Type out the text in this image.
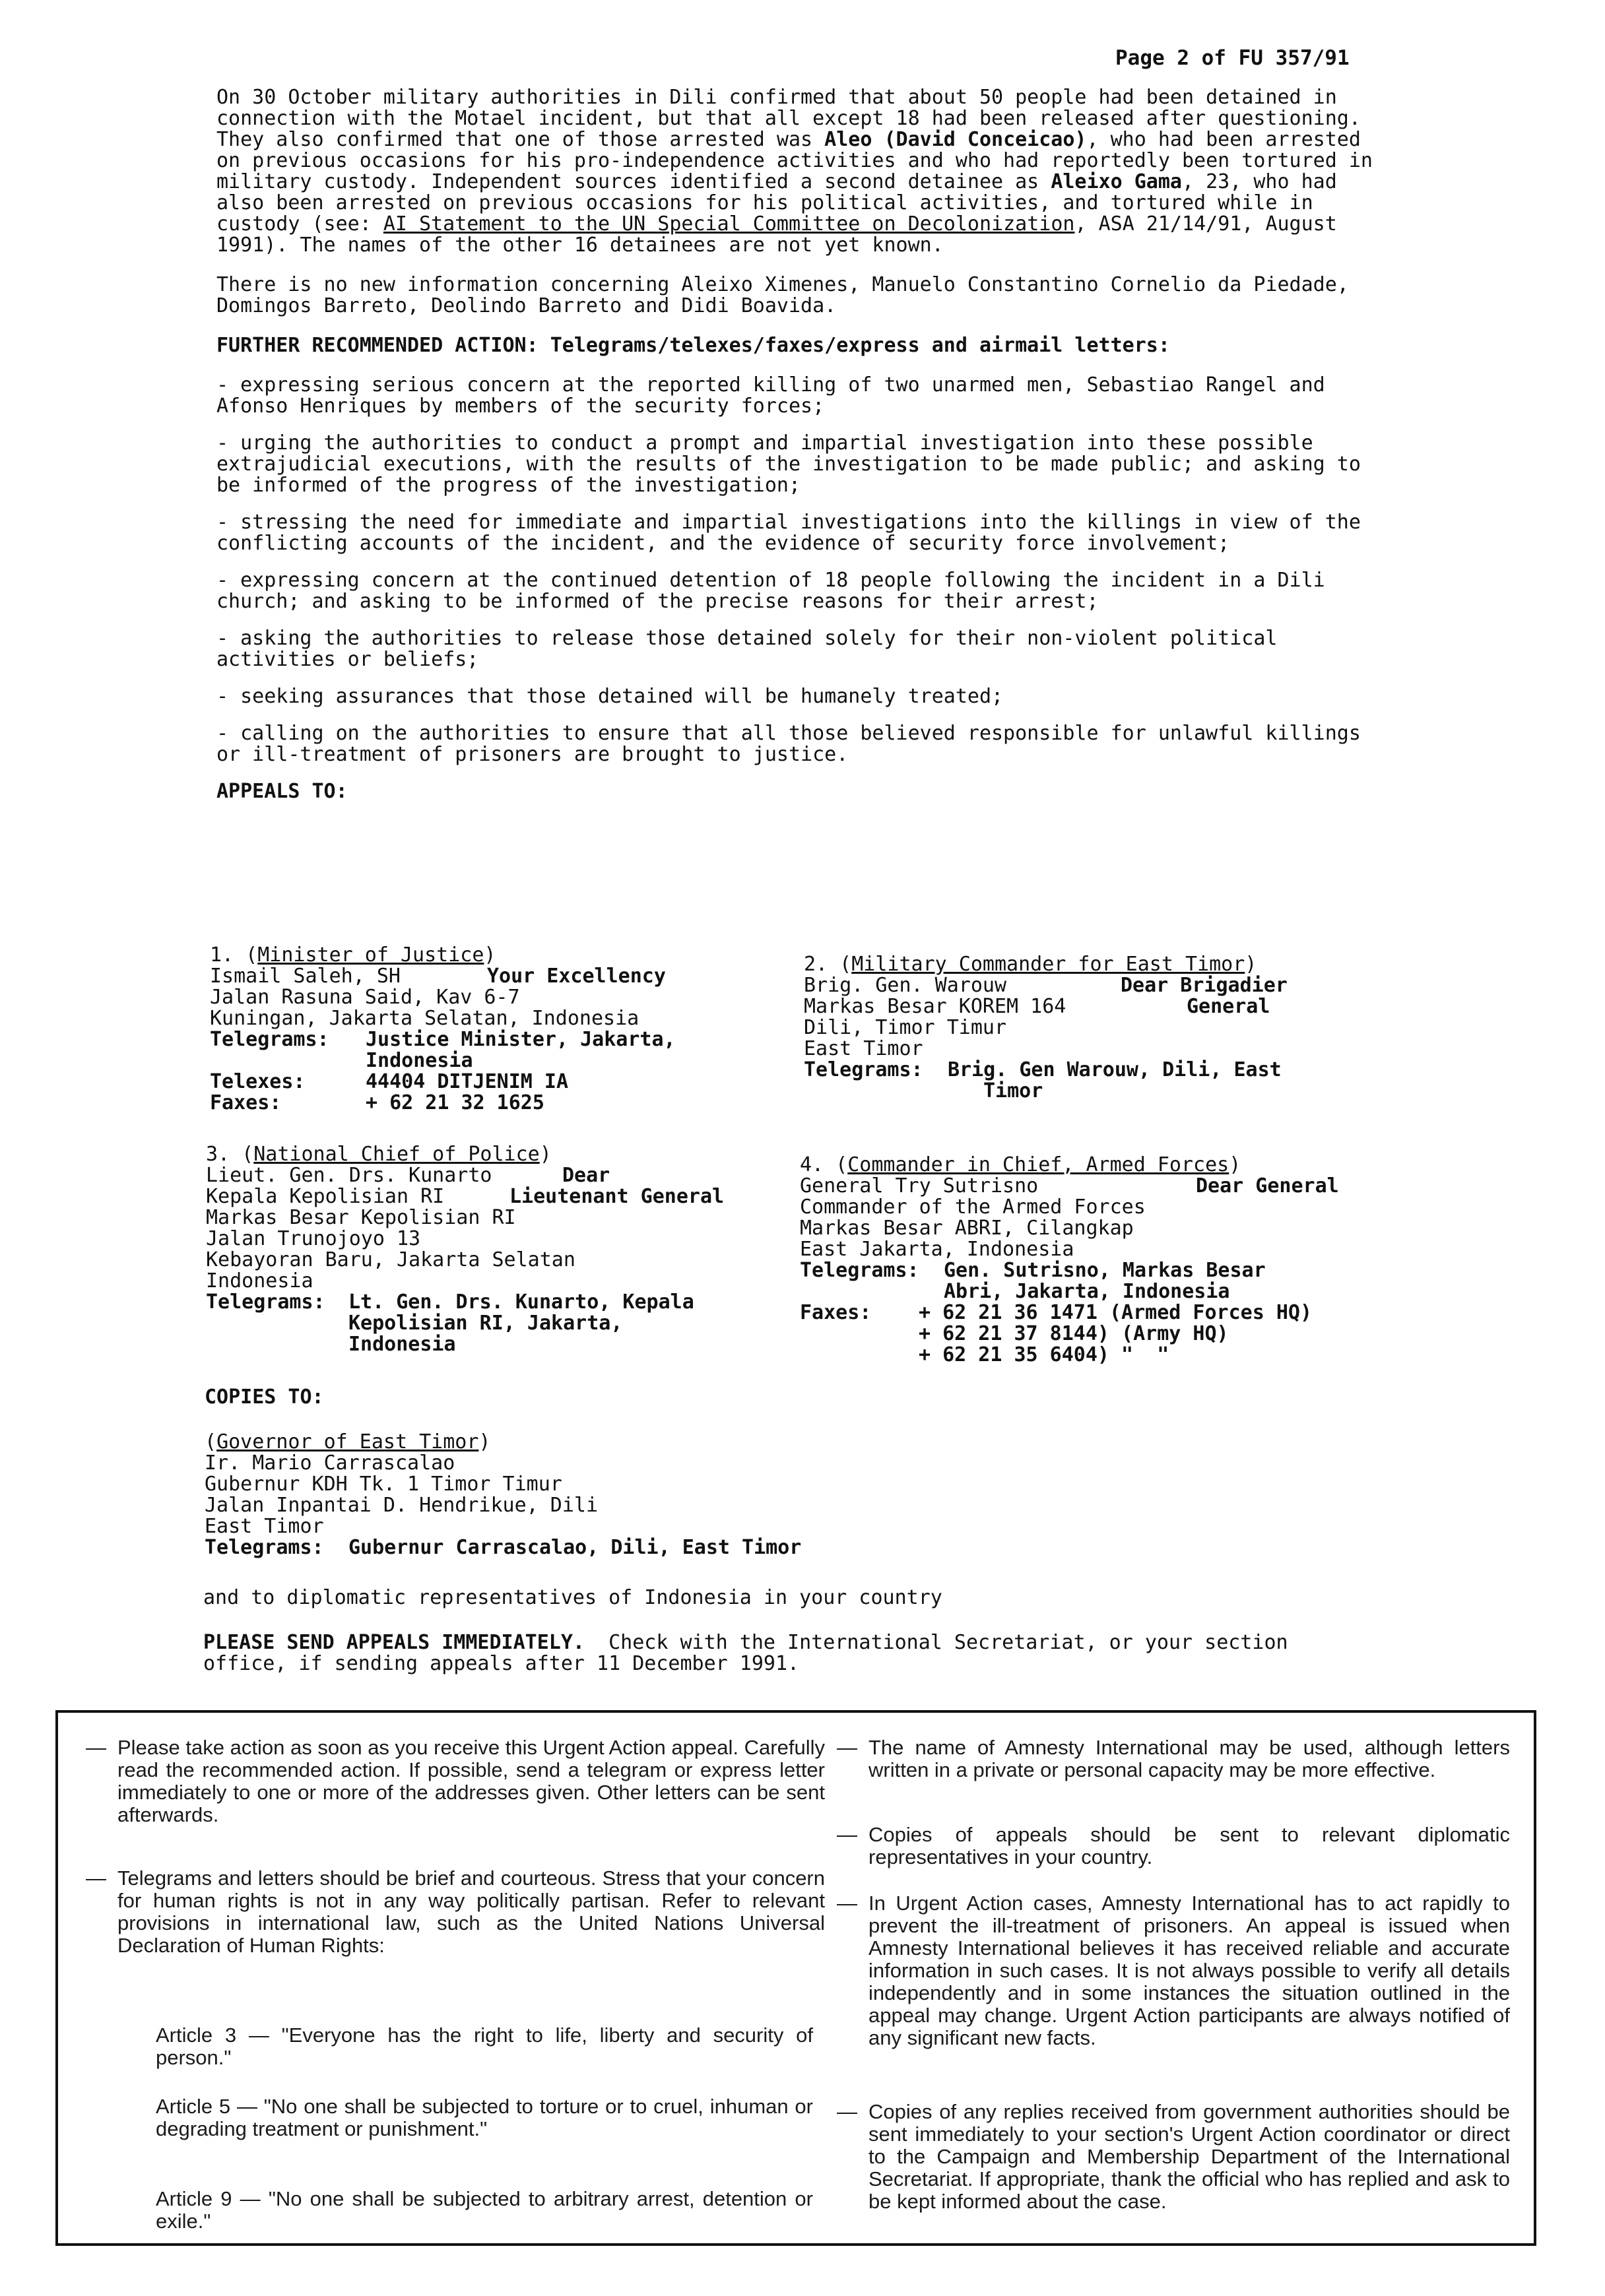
Page 2 of FU 357/91

On 30 October military authorities in Dili confirmed that about 50 people had been detained in connection with the Motael incident, but that all except 18 had been released after questioning. They also confirmed that one of those arrested was Aleo (David Conceicao), who had been arrested on previous occasions for his pro-independence activities and who had reportedly been tortured in military custody. Independent sources identified a second detainee as Aleixo Gama, 23, who had also been arrested on previous occasions for his political activities, and tortured while in custody (see: AI Statement to the UN Special Committee on Decolonization, ASA 21/14/91, August 1991). The names of the other 16 detainees are not yet known.

There is no new information concerning Aleixo Ximenes, Manuelo Constantino Cornelio da Piedade, Domingos Barreto, Deolindo Barreto and Didi Boavida.

FURTHER RECOMMENDED ACTION: Telegrams/telexes/faxes/express and airmail letters:

- expressing serious concern at the reported killing of two unarmed men, Sebastiao Rangel and Afonso Henriques by members of the security forces;

- urging the authorities to conduct a prompt and impartial investigation into these possible extrajudicial executions, with the results of the investigation to be made public; and asking to be informed of the progress of the investigation;

- stressing the need for immediate and impartial investigations into the killings in view of the conflicting accounts of the incident, and the evidence of security force involvement;

- expressing concern at the continued detention of 18 people following the incident in a Dili church; and asking to be informed of the precise reasons for their arrest;

- asking the authorities to release those detained solely for their non-violent political activities or beliefs;

- seeking assurances that those detained will be humanely treated;

- calling on the authorities to ensure that all those believed responsible for unlawful killings or ill-treatment of prisoners are brought to justice.

APPEALS TO:

1. (Minister of Justice)
Ismail Saleh, SH	Your Excellency
Jalan Rasuna Said, Kav 6-7
Kuningan, Jakarta Selatan, Indonesia
Telegrams: Justice Minister, Jakarta,
Indonesia
Telexes:	44404 DITJENIM IA
Faxes:	+ 62 21 32 1625
2. (Military Commander for East Timor)
Brig. Gen. Warouw	Dear Brigadier
Markas Besar KOREM 164	General
Dili, Timor Timur
East Timor
Telegrams: Brig. Gen Warouw, Dili, East
Timor
3. (National Chief of Police)
Lieut. Gen. Drs. Kunarto	Dear
Kepala Kepolisian RI	Lieutenant General
Markas Besar Kepolisian RI
Jalan Trunojoyo 13
Kebayoran Baru, Jakarta Selatan
Indonesia
Telegrams: Lt. Gen. Drs. Kunarto, Kepala
Kepolisian RI, Jakarta,
Indonesia
4. (Commander in Chief, Armed Forces)
General Try Sutrisno	Dear General
Commander of the Armed Forces
Markas Besar ABRI, Cilangkap
East Jakarta, Indonesia
Telegrams: Gen. Sutrisno, Markas Besar
Abri, Jakarta, Indonesia
Faxes: + 62 21 36 1471 (Armed Forces HQ)
+ 62 21 37 8144) (Army HQ)
+ 62 21 35 6404) "  "
COPIES TO:
(Governor of East Timor)
Ir. Mario Carrascalao
Gubernur KDH Tk. 1 Timor Timur
Jalan Inpantai D. Hendrikue, Dili
East Timor
Telegrams: Gubernur Carrascalao, Dili, East Timor
and to diplomatic representatives of Indonesia in your country
PLEASE SEND APPEALS IMMEDIATELY. Check with the International Secretariat, or your section office, if sending appeals after 11 December 1991.
— Please take action as soon as you receive this Urgent Action appeal. Carefully read the recommended action. If possible, send a telegram or express letter immediately to one or more of the addresses given. Other letters can be sent afterwards.
— Telegrams and letters should be brief and courteous. Stress that your concern for human rights is not in any way politically partisan. Refer to relevant provisions in international law, such as the United Nations Universal Declaration of Human Rights:
Article 3 — "Everyone has the right to life, liberty and security of person."
Article 5 — "No one shall be subjected to torture or to cruel, inhuman or degrading treatment or punishment."
Article 9 — "No one shall be subjected to arbitrary arrest, detention or exile."
— The name of Amnesty International may be used, although letters written in a private or personal capacity may be more effective.
— Copies of appeals should be sent to relevant diplomatic representatives in your country.
— In Urgent Action cases, Amnesty International has to act rapidly to prevent the ill-treatment of prisoners. An appeal is issued when Amnesty International believes it has received reliable and accurate information in such cases. It is not always possible to verify all details independently and in some instances the situation outlined in the appeal may change. Urgent Action participants are always notified of any significant new facts.
— Copies of any replies received from government authorities should be sent immediately to your section's Urgent Action coordinator or direct to the Campaign and Membership Department of the International Secretariat. If appropriate, thank the official who has replied and ask to be kept informed about the case.
